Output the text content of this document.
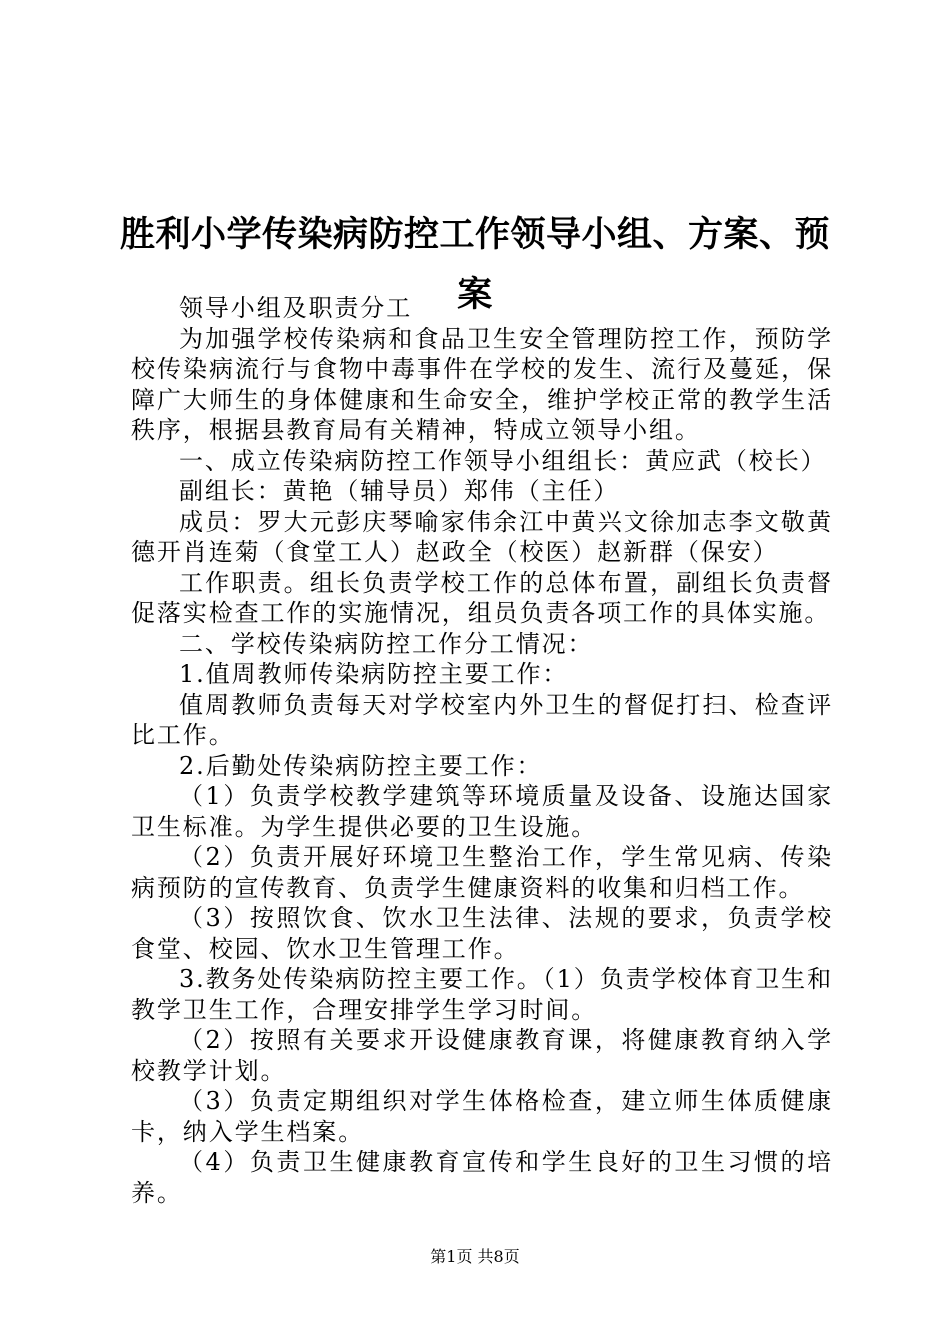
胜利小学传染病防控工作领导小组、方案、预案

领导小组及职责分工

为加强学校传染病和食品卫生安全管理防控工作，预防学校传染病流行与食物中毒事件在学校的发生、流行及蔓延，保障广大师生的身体健康和生命安全，维护学校正常的教学生活秩序，根据县教育局有关精神，特成立领导小组。

一、成立传染病防控工作领导小组组长：黄应武（校长）

副组长：黄艳（辅导员）郑伟（主任）

成员：罗大元彭庆琴喻家伟余江中黄兴文徐加志李文敬黄德开肖连菊（食堂工人）赵政全（校医）赵新群（保安）

工作职责。组长负责学校工作的总体布置，副组长负责督促落实检查工作的实施情况，组员负责各项工作的具体实施。

二、学校传染病防控工作分工情况：

1.值周教师传染病防控主要工作：

值周教师负责每天对学校室内外卫生的督促打扫、检查评比工作。

2.后勤处传染病防控主要工作：

（1）负责学校教学建筑等环境质量及设备、设施达国家卫生标准。为学生提供必要的卫生设施。

（2）负责开展好环境卫生整治工作，学生常见病、传染病预防的宣传教育、负责学生健康资料的收集和归档工作。

（3）按照饮食、饮水卫生法律、法规的要求，负责学校食堂、校园、饮水卫生管理工作。

3.教务处传染病防控主要工作。（1）负责学校体育卫生和教学卫生工作，合理安排学生学习时间。

（2）按照有关要求开设健康教育课，将健康教育纳入学校教学计划。

（3）负责定期组织对学生体格检查，建立师生体质健康卡，纳入学生档案。

（4）负责卫生健康教育宣传和学生良好的卫生习惯的培养。

第1页 共8页
